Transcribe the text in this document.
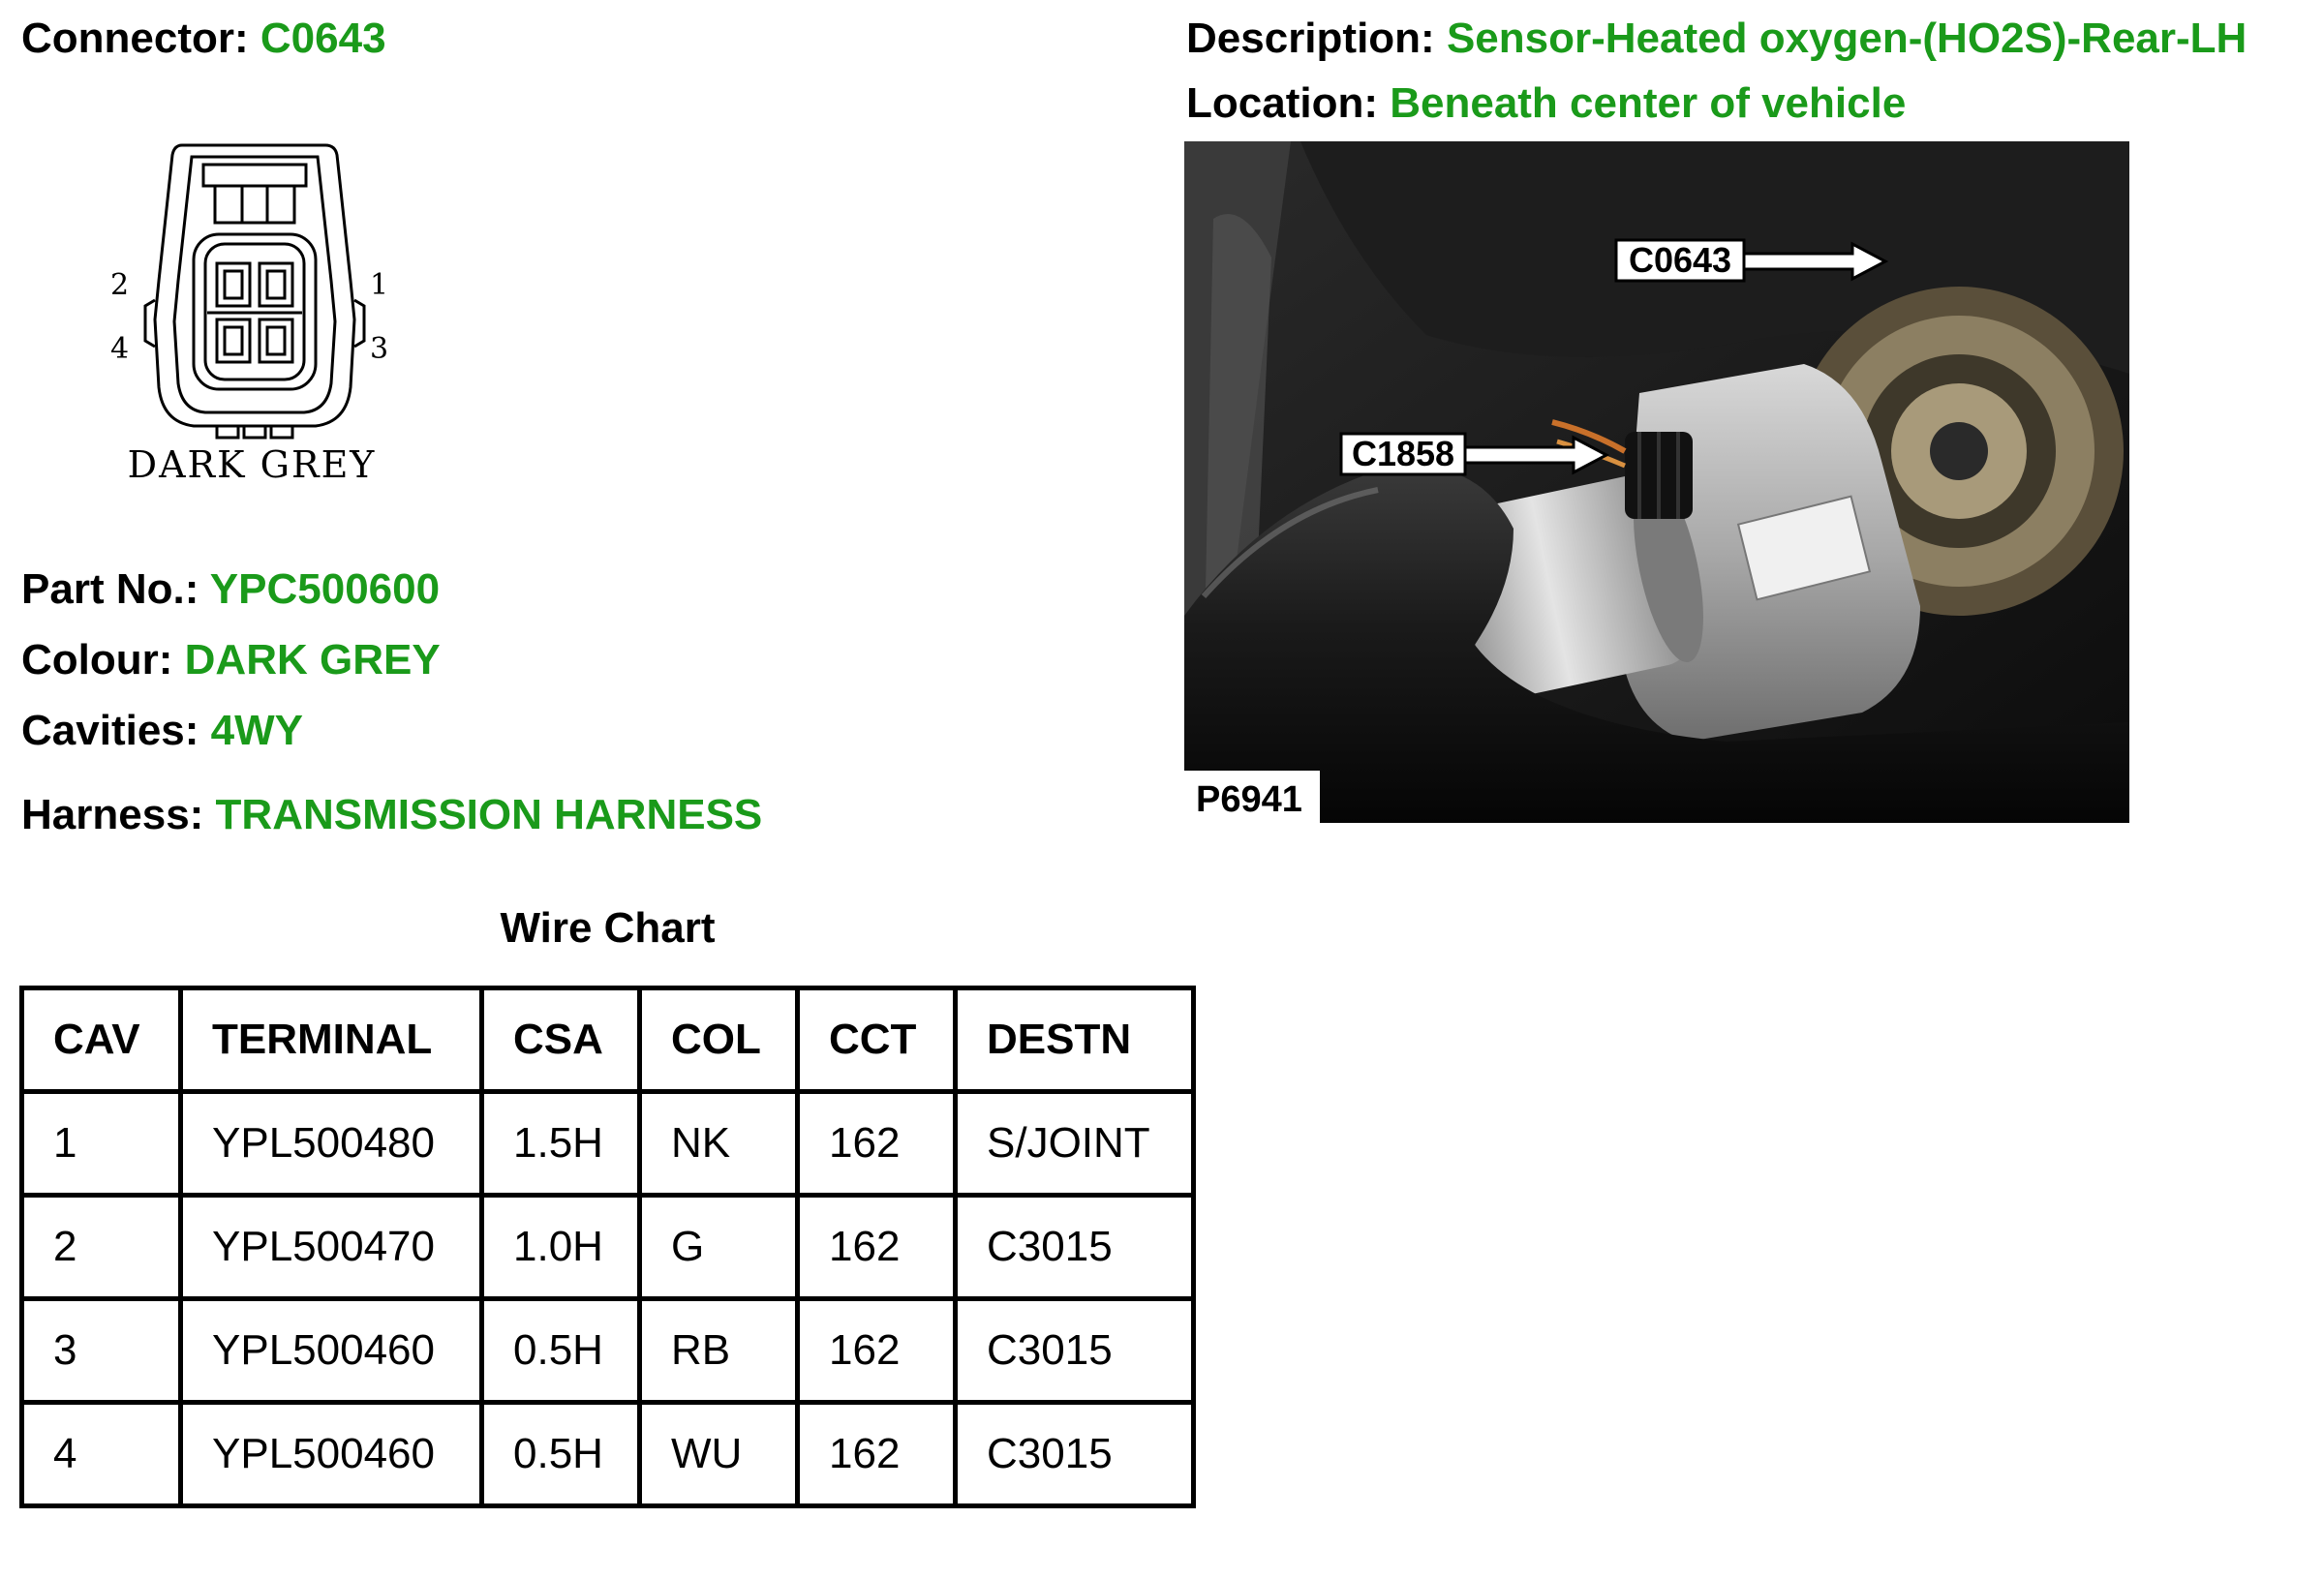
Connector: C0643	Description: Sensor-Heated oxygen-(HO2S)-Rear-LH
Location: Beneath center of vehicle
2	1
4	3
DARK GREY
Part No.: YPC500600
Colour: DARK GREY
Cavities: 4WY
Harness: TRANSMISSION HARNESS
Wire Chart
CAV	TERMINAL	CSA	COL	CCT	DESTN
1	YPL500480	1.5H	NK	162	S/JOINT
2	YPL500470	1.0H	G	162	C3015
3	YPL500460	0.5H	RB	162	C3015
4	YPL500460	0.5H	WU	162	C3015
C0643
C1858
P6941
